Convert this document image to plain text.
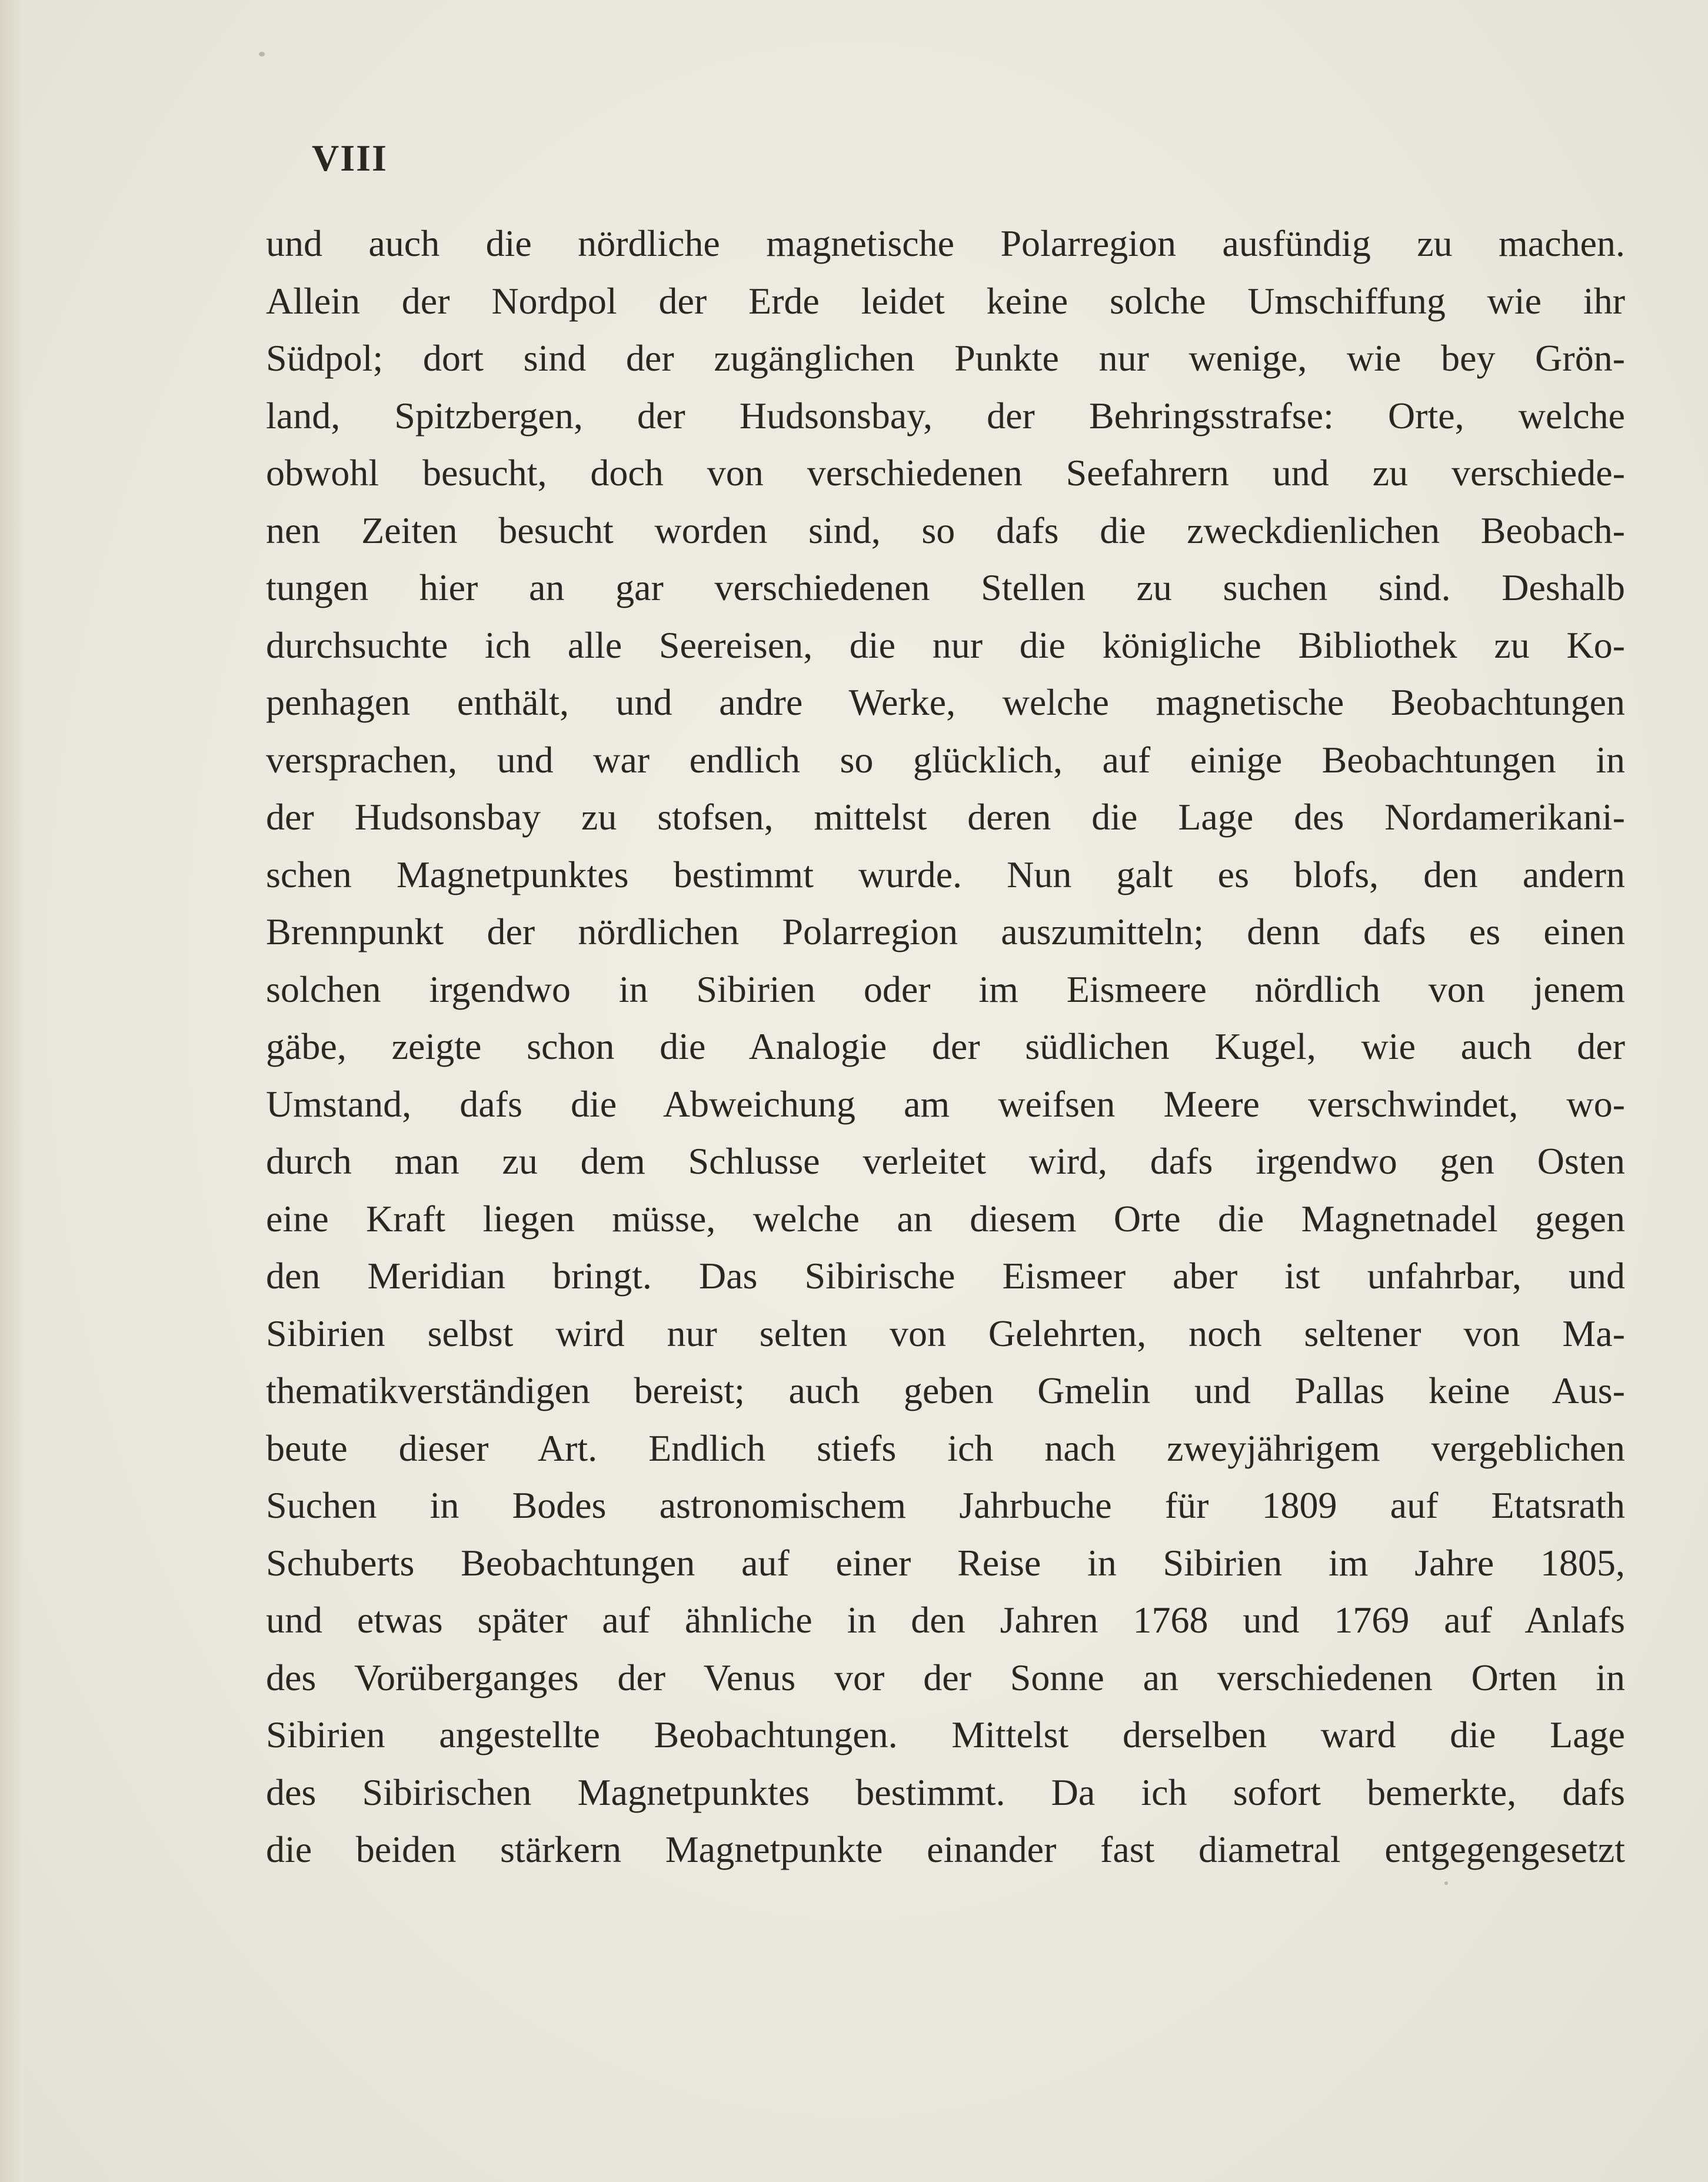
VIII
und auch die nördliche magnetische Polarregion ausfündig zu machen.
Allein der Nordpol der Erde leidet keine solche Umschiffung wie ihr
Südpol; dort sind der zugänglichen Punkte nur wenige, wie bey Grön-
land, Spitzbergen, der Hudsonsbay, der Behringsstrafse: Orte, welche
obwohl besucht, doch von verschiedenen Seefahrern und zu verschiede-
nen Zeiten besucht worden sind, so dafs die zweckdienlichen Beobach-
tungen hier an gar verschiedenen Stellen zu suchen sind. Deshalb
durchsuchte ich alle Seereisen, die nur die königliche Bibliothek zu Ko-
penhagen enthält, und andre Werke, welche magnetische Beobachtungen
versprachen, und war endlich so glücklich, auf einige Beobachtungen in
der Hudsonsbay zu stofsen, mittelst deren die Lage des Nordamerikani-
schen Magnetpunktes bestimmt wurde. Nun galt es blofs, den andern
Brennpunkt der nördlichen Polarregion auszumitteln; denn dafs es einen
solchen irgendwo in Sibirien oder im Eismeere nördlich von jenem
gäbe, zeigte schon die Analogie der südlichen Kugel, wie auch der
Umstand, dafs die Abweichung am weifsen Meere verschwindet, wo-
durch man zu dem Schlusse verleitet wird, dafs irgendwo gen Osten
eine Kraft liegen müsse, welche an diesem Orte die Magnetnadel gegen
den Meridian bringt. Das Sibirische Eismeer aber ist unfahrbar, und
Sibirien selbst wird nur selten von Gelehrten, noch seltener von Ma-
thematikverständigen bereist; auch geben Gmelin und Pallas keine Aus-
beute dieser Art. Endlich stiefs ich nach zweyjährigem vergeblichen
Suchen in Bodes astronomischem Jahrbuche für 1809 auf Etatsrath
Schuberts Beobachtungen auf einer Reise in Sibirien im Jahre 1805,
und etwas später auf ähnliche in den Jahren 1768 und 1769 auf Anlafs
des Vorüberganges der Venus vor der Sonne an verschiedenen Orten in
Sibirien angestellte Beobachtungen. Mittelst derselben ward die Lage
des Sibirischen Magnetpunktes bestimmt. Da ich sofort bemerkte, dafs
die beiden stärkern Magnetpunkte einander fast diametral entgegengesetzt
